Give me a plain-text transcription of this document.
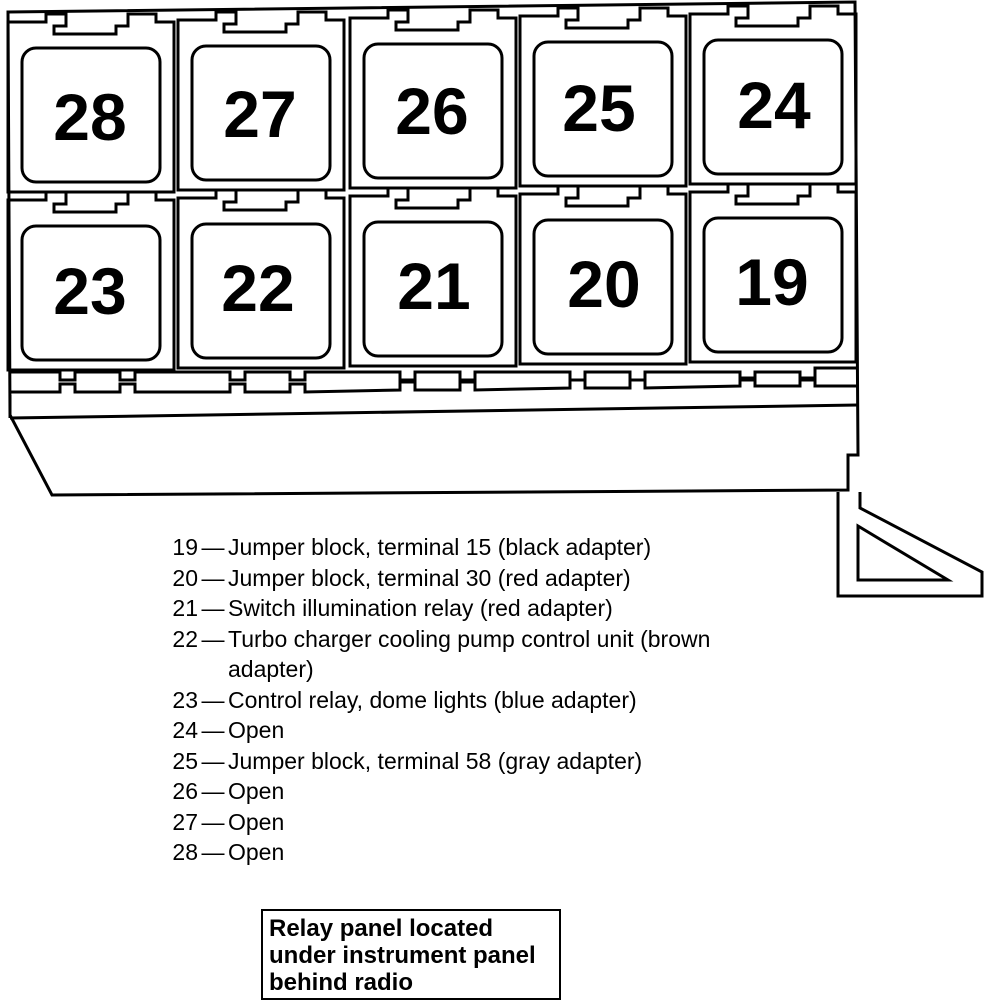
28 27 26 25 24
23 22 21 20 19
19 — Jumper block, terminal 15 (black adapter)
20 — Jumper block, terminal 30 (red adapter)
21 — Switch illumination relay (red adapter)
22 — Turbo charger cooling pump control unit (brown adapter)
23 — Control relay, dome lights (blue adapter)
24 — Open
25 — Jumper block, terminal 58 (gray adapter)
26 — Open
27 — Open
28 — Open
Relay panel located
under instrument panel
behind radio
